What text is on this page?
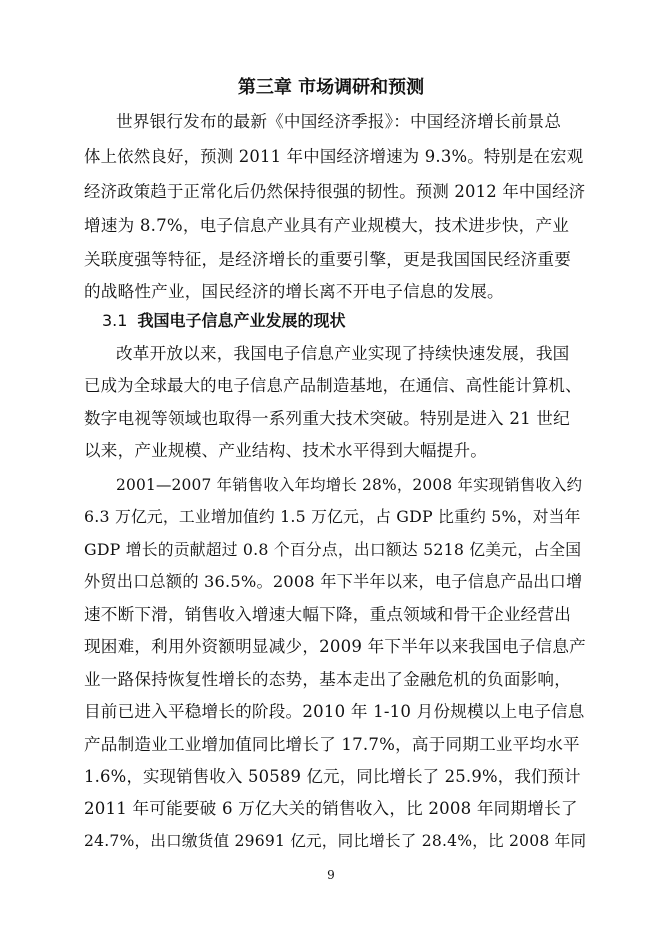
第三章 市场调研和预测
世界银行发布的最新《中国经济季报》：中国经济增长前景总
体上依然良好，预测 2011 年中国经济增速为 9.3%。特别是在宏观
经济政策趋于正常化后仍然保持很强的韧性。预测 2012 年中国经济
增速为 8.7%，电子信息产业具有产业规模大，技术进步快，产业
关联度强等特征，是经济增长的重要引擎，更是我国国民经济重要
的战略性产业，国民经济的增长离不开电子信息的发展。
3.1 我国电子信息产业发展的现状
改革开放以来，我国电子信息产业实现了持续快速发展，我国
已成为全球最大的电子信息产品制造基地，在通信、高性能计算机、
数字电视等领域也取得一系列重大技术突破。特别是进入 21 世纪
以来，产业规模、产业结构、技术水平得到大幅提升。
2001—2007 年销售收入年均增长 28%，2008 年实现销售收入约
6.3 万亿元，工业增加值约 1.5 万亿元，占 GDP 比重约 5%，对当年
GDP 增长的贡献超过 0.8 个百分点，出口额达 5218 亿美元，占全国
外贸出口总额的 36.5%。2008 年下半年以来，电子信息产品出口增
速不断下滑，销售收入增速大幅下降，重点领域和骨干企业经营出
现困难，利用外资额明显减少，2009 年下半年以来我国电子信息产
业一路保持恢复性增长的态势，基本走出了金融危机的负面影响，
目前已进入平稳增长的阶段。2010 年 1-10 月份规模以上电子信息
产品制造业工业增加值同比增长了 17.7%，高于同期工业平均水平
1.6%，实现销售收入 50589 亿元，同比增长了 25.9%，我们预计
2011 年可能要破 6 万亿大关的销售收入，比 2008 年同期增长了
24.7%，出口缴货值 29691 亿元，同比增长了 28.4%，比 2008 年同
9
